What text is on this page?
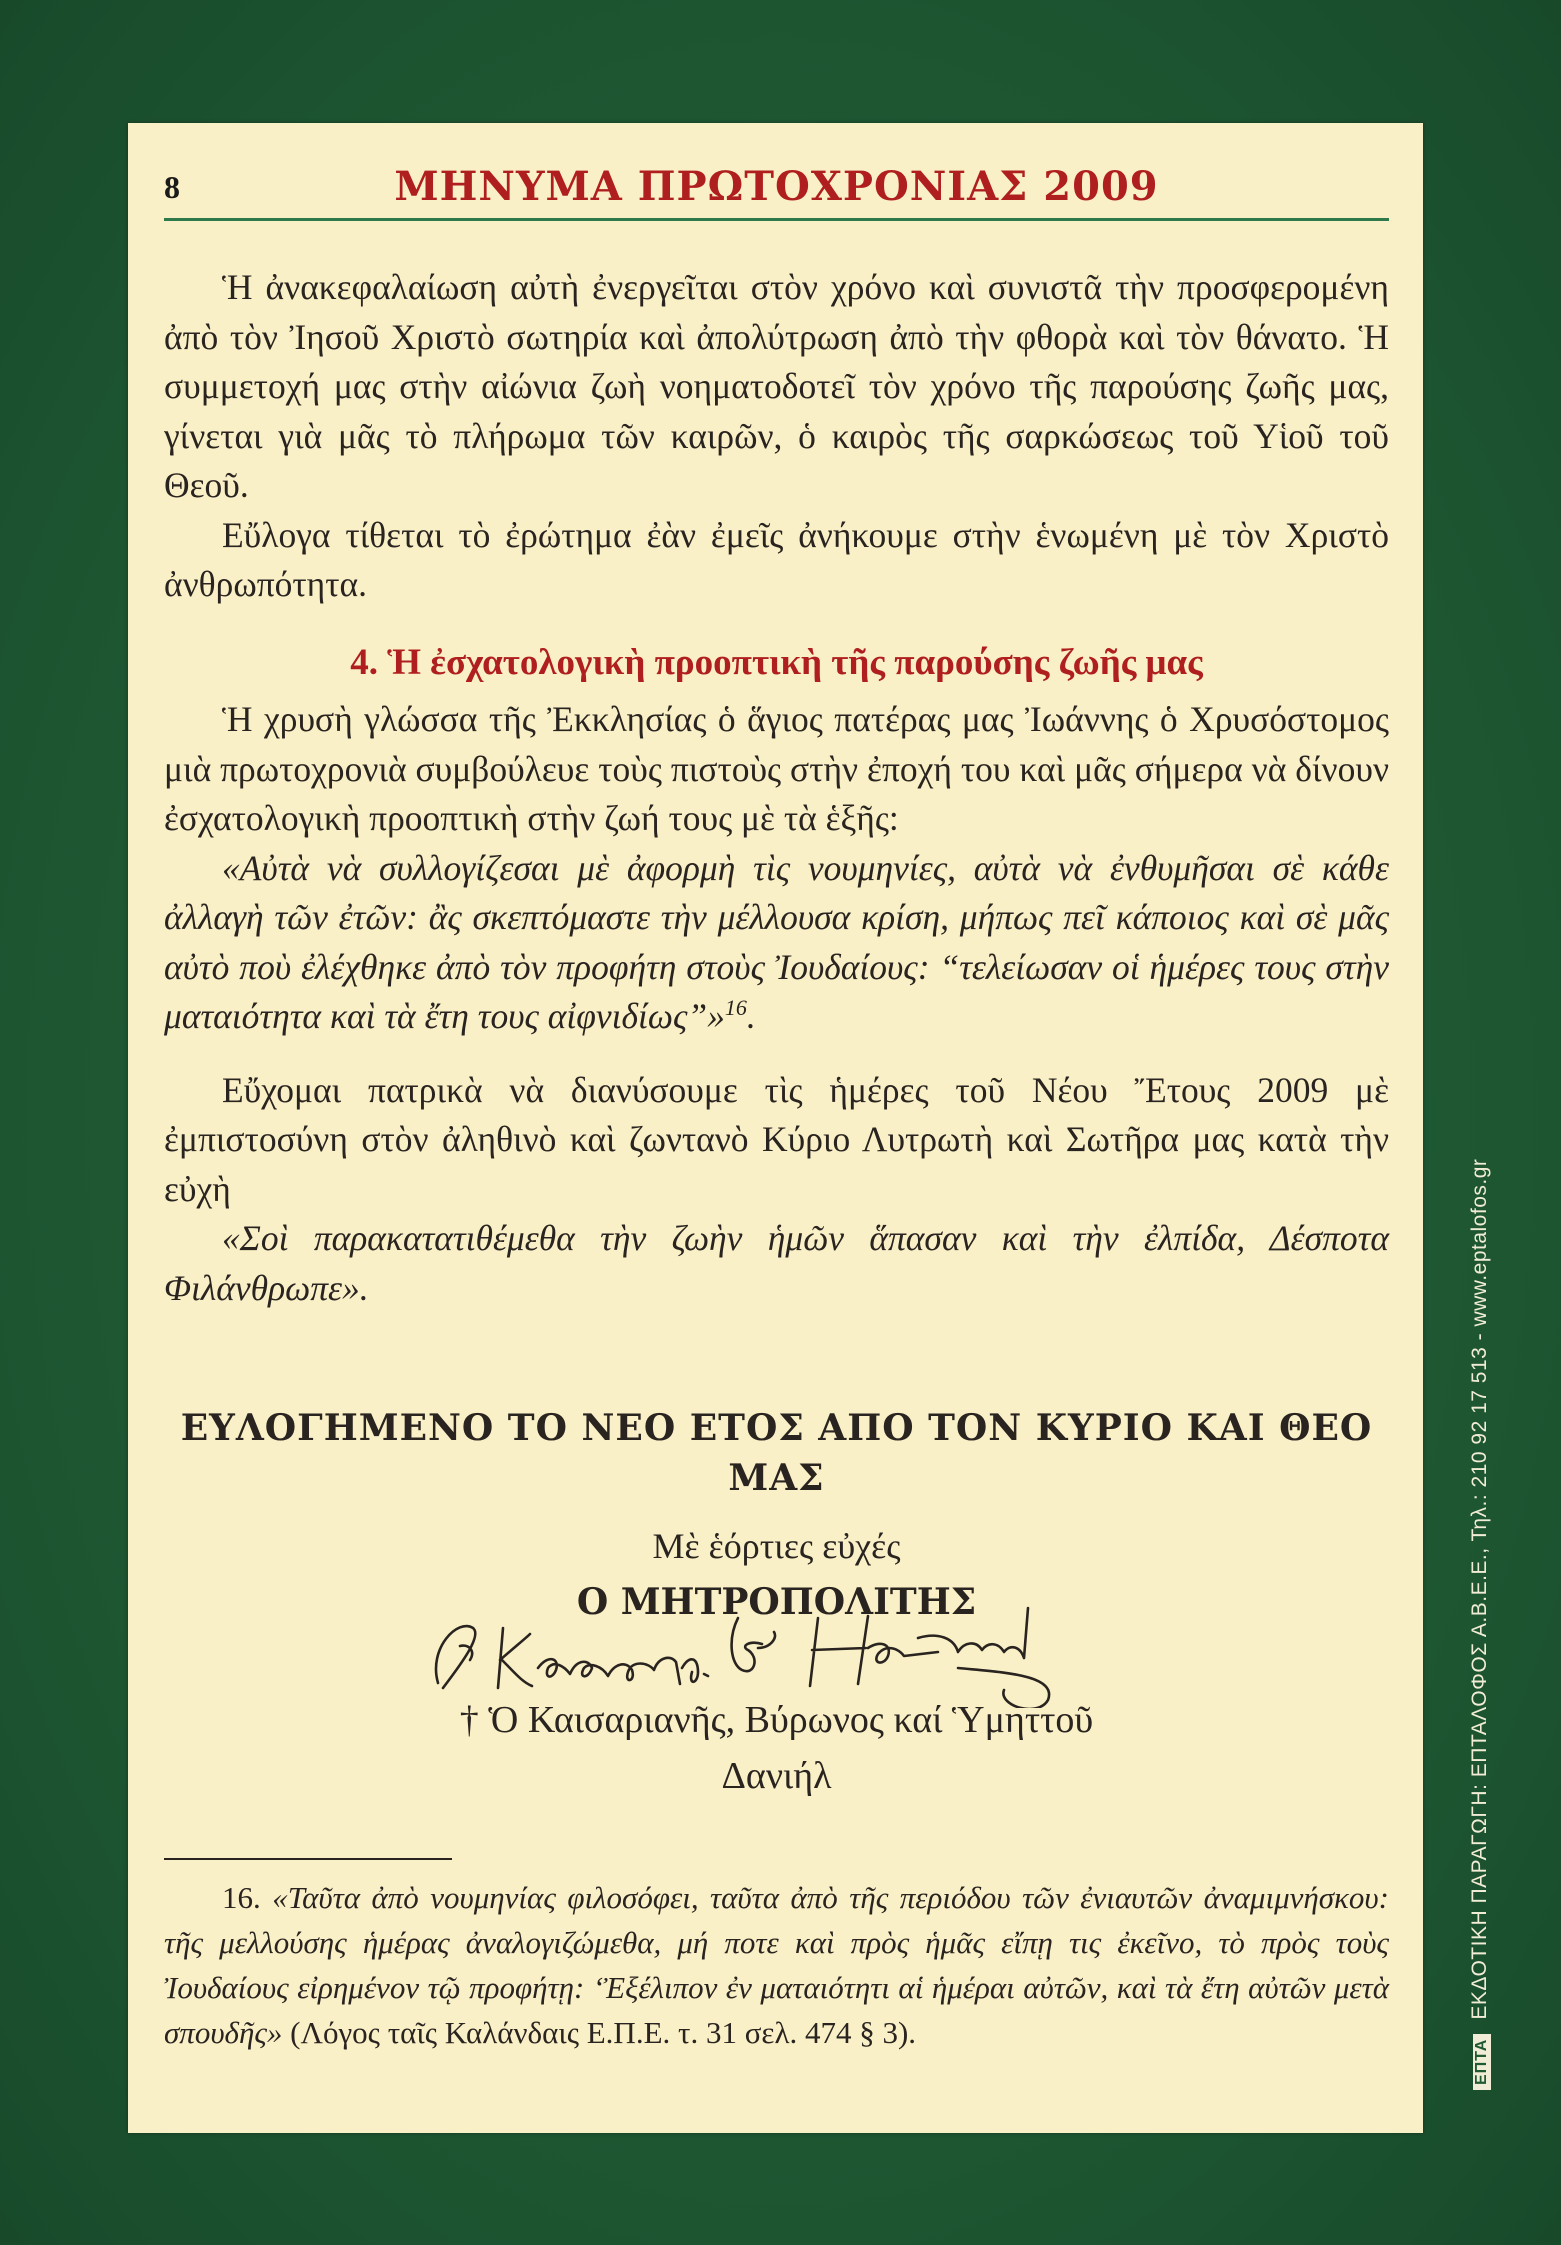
8	ΜΗΝΥΜΑ ΠΡΩΤΟΧΡΟΝΙΑΣ 2009

Ἡ ἀνακεφαλαίωση αὐτὴ ἐνεργεῖται στὸν χρόνο καὶ συνιστᾶ τὴν προσφερομένη ἀπὸ τὸν Ἰησοῦ Χριστὸ σωτηρία καὶ ἀπολύτρωση ἀπὸ τὴν φθορὰ καὶ τὸν θάνατο. Ἡ συμμετοχή μας στὴν αἰώνια ζωὴ νοηματοδοτεῖ τὸν χρόνο τῆς παρούσης ζωῆς μας, γίνεται γιὰ μᾶς τὸ πλήρωμα τῶν καιρῶν, ὁ καιρὸς τῆς σαρκώσεως τοῦ Υἱοῦ τοῦ Θεοῦ.

Εὔλογα τίθεται τὸ ἐρώτημα ἐὰν ἐμεῖς ἀνήκουμε στὴν ἑνωμένη μὲ τὸν Χριστὸ ἀνθρωπότητα.

4. Ἡ ἐσχατολογικὴ προοπτικὴ τῆς παρούσης ζωῆς μας

Ἡ χρυσὴ γλώσσα τῆς Ἐκκλησίας ὁ ἅγιος πατέρας μας Ἰωάννης ὁ Χρυσόστομος μιὰ πρωτοχρονιὰ συμβούλευε τοὺς πιστοὺς στὴν ἐποχή του καὶ μᾶς σήμερα νὰ δίνουν ἐσχατολογικὴ προοπτικὴ στὴν ζωή τους μὲ τὰ ἑξῆς:

«Αὐτὰ νὰ συλλογίζεσαι μὲ ἀφορμὴ τὶς νουμηνίες, αὐτὰ νὰ ἐνθυμῆσαι σὲ κάθε ἀλλαγὴ τῶν ἐτῶν: ἂς σκεπτόμαστε τὴν μέλλουσα κρίση, μήπως πεῖ κάποιος καὶ σὲ μᾶς αὐτὸ ποὺ ἐλέχθηκε ἀπὸ τὸν προφήτη στοὺς Ἰουδαίους: “τελείωσαν οἱ ἡμέρες τους στὴν ματαιότητα καὶ τὰ ἔτη τους αἰφνιδίως”»$^{16}$.

Εὔχομαι πατρικὰ νὰ διανύσουμε τὶς ἡμέρες τοῦ Νέου Ἔτους 2009 μὲ ἐμπιστοσύνη στὸν ἀληθινὸ καὶ ζωντανὸ Κύριο Λυτρωτὴ καὶ Σωτῆρα μας κατὰ τὴν εὐχὴ

«Σοὶ παρακατατιθέμεθα τὴν ζωὴν ἡμῶν ἅπασαν καὶ τὴν ἐλπίδα, Δέσποτα Φιλάνθρωπε».

ΕΥΛΟΓΗΜΕΝΟ ΤΟ ΝΕΟ ΕΤΟΣ ΑΠΟ ΤΟΝ ΚΥΡΙΟ ΚΑΙ ΘΕΟ ΜΑΣ
Μὲ ἑόρτιες εὐχές
Ο ΜΗΤΡΟΠΟΛΙΤΗΣ
† Ὁ Καισαριανῆς, Βύρωνος καί Ὑμηττοῦ
Δανιήλ
16. «Ταῦτα ἀπὸ νουμηνίας φιλοσόφει, ταῦτα ἀπὸ τῆς περιόδου τῶν ἐνιαυτῶν ἀναμιμνήσκου: τῆς μελλούσης ἡμέρας ἀναλογιζώμεθα, μή ποτε καὶ πρὸς ἡμᾶς εἴπῃ τις ἐκεῖνο, τὸ πρὸς τοὺς Ἰουδαίους εἰρημένον τῷ προφήτῃ: ‘Ἐξέλιπον ἐν ματαιότητι αἱ ἡμέραι αὐτῶν, καὶ τὰ ἔτη αὐτῶν μετὰ σπουδῆς» (Λόγος ταῖς Καλάνδαις Ε.Π.Ε. τ. 31 σελ. 474 § 3).
ΕΠΤΑΕΚΔΟΤΙΚΗ ΠΑΡΑΓΩΓΗ: ΕΠΤΑΛΟΦΟΣ Α.Β.Ε.Ε., Τηλ.: 210 92 17 513 - www.eptalofos.gr
